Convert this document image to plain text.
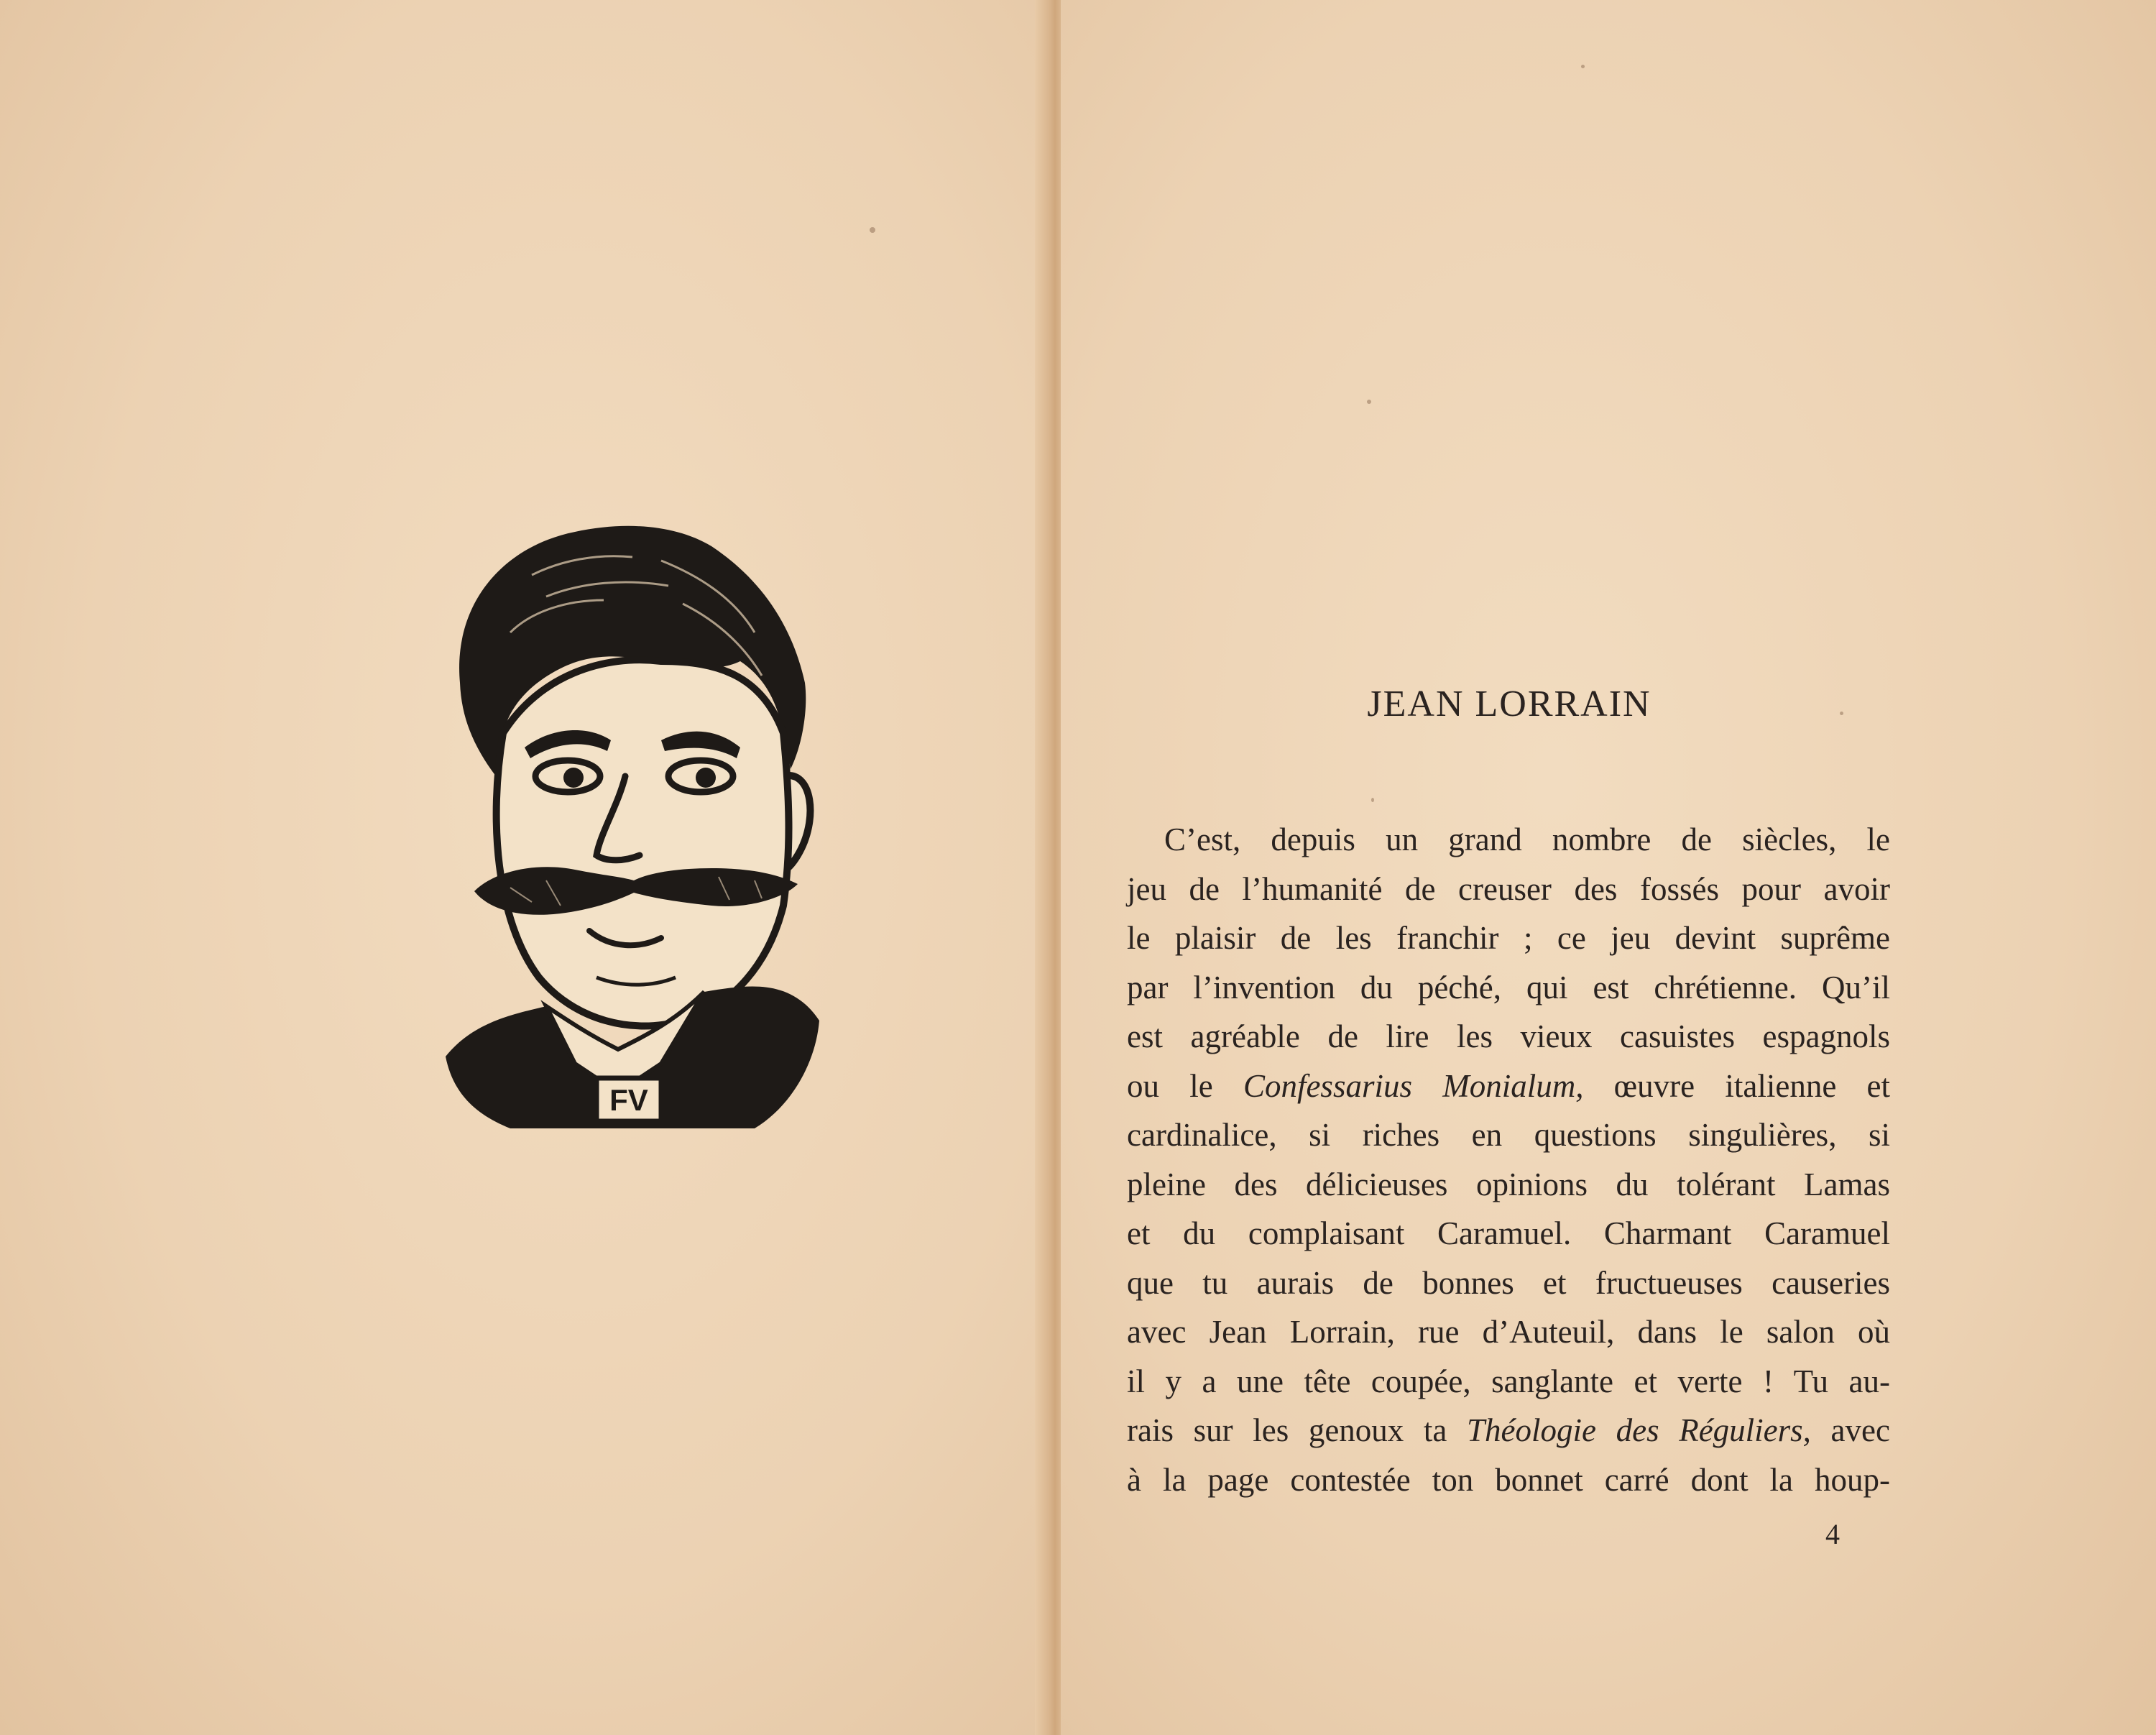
FV
JEAN LORRAIN

C’est, depuis un grand nombre de siècles, le
jeu de l’humanité de creuser des fossés pour avoir
le plaisir de les franchir ; ce jeu devint suprême
par l’invention du péché, qui est chrétienne. Qu’il
est agréable de lire les vieux casuistes espagnols
ou le Confessarius Monialum, œuvre italienne et
cardinalice, si riches en questions singulières, si
pleine des délicieuses opinions du tolérant Lamas
et du complaisant Caramuel. Charmant Caramuel
que tu aurais de bonnes et fructueuses causeries
avec Jean Lorrain, rue d’Auteuil, dans le salon où
il y a une tête coupée, sanglante et verte ! Tu au-
rais sur les genoux ta Théologie des Réguliers, avec
à la page contestée ton bonnet carré dont la houp-

4
